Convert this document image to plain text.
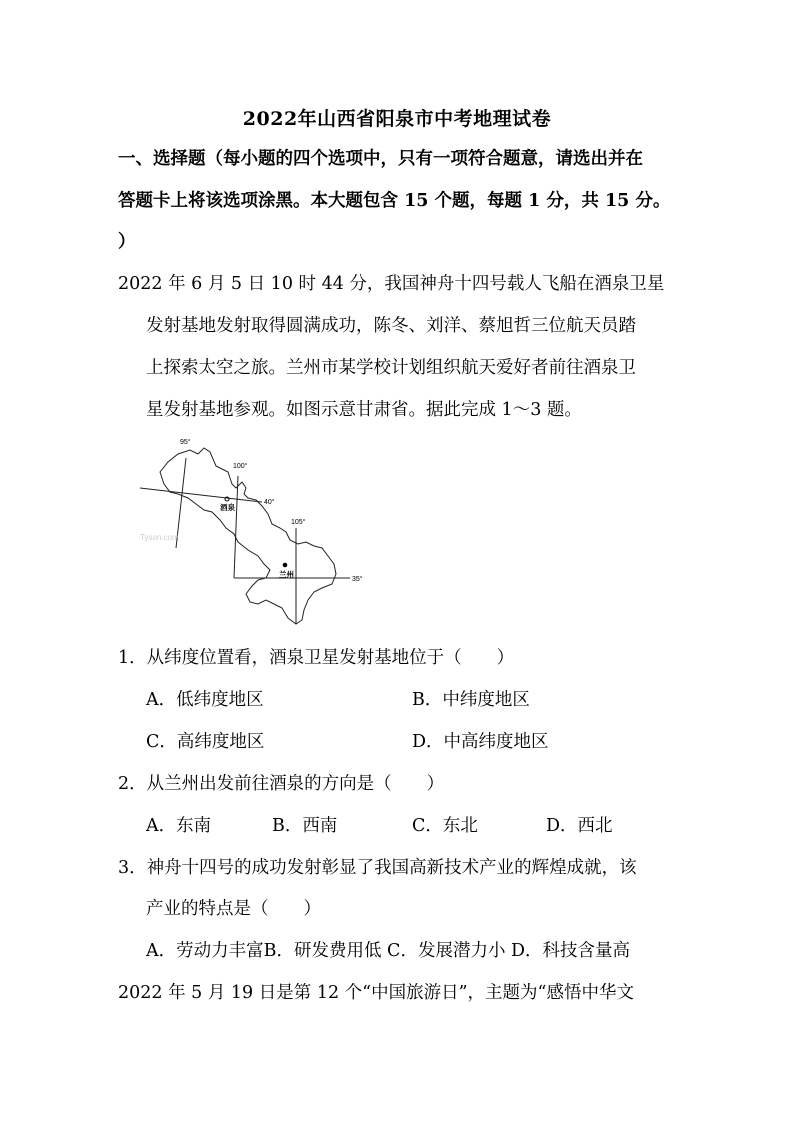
2022年山西省阳泉市中考地理试卷
一、选择题（每小题的四个选项中，只有一项符合题意，请选出并在
答题卡上将该选项涂黑。本大题包含 15 个题，每题 1 分，共 15 分。
）
2022 年 6 月 5 日 10 时 44 分，我国神舟十四号载人飞船在酒泉卫星
发射基地发射取得圆满成功，陈冬、刘洋、蔡旭哲三位航天员踏
上探索太空之旅。兰州市某学校计划组织航天爱好者前往酒泉卫
星发射基地参观。如图示意甘肃省。据此完成 1～3 题。
95°
100°
105°
40°
35°
酒泉
兰州
Tyson.com
1．从纬度位置看，酒泉卫星发射基地位于（　　）
A．低纬度地区	B．中纬度地区
C．高纬度地区	D．中高纬度地区
2．从兰州出发前往酒泉的方向是（　　）
A．东南	B．西南	C．东北	D．西北
3．神舟十四号的成功发射彰显了我国高新技术产业的辉煌成就，该
产业的特点是（　　）
A．劳动力丰富B．研发费用低 C．发展潜力小 D．科技含量高
2022 年 5 月 19 日是第 12 个“中国旅游日”，主题为“感悟中华文
